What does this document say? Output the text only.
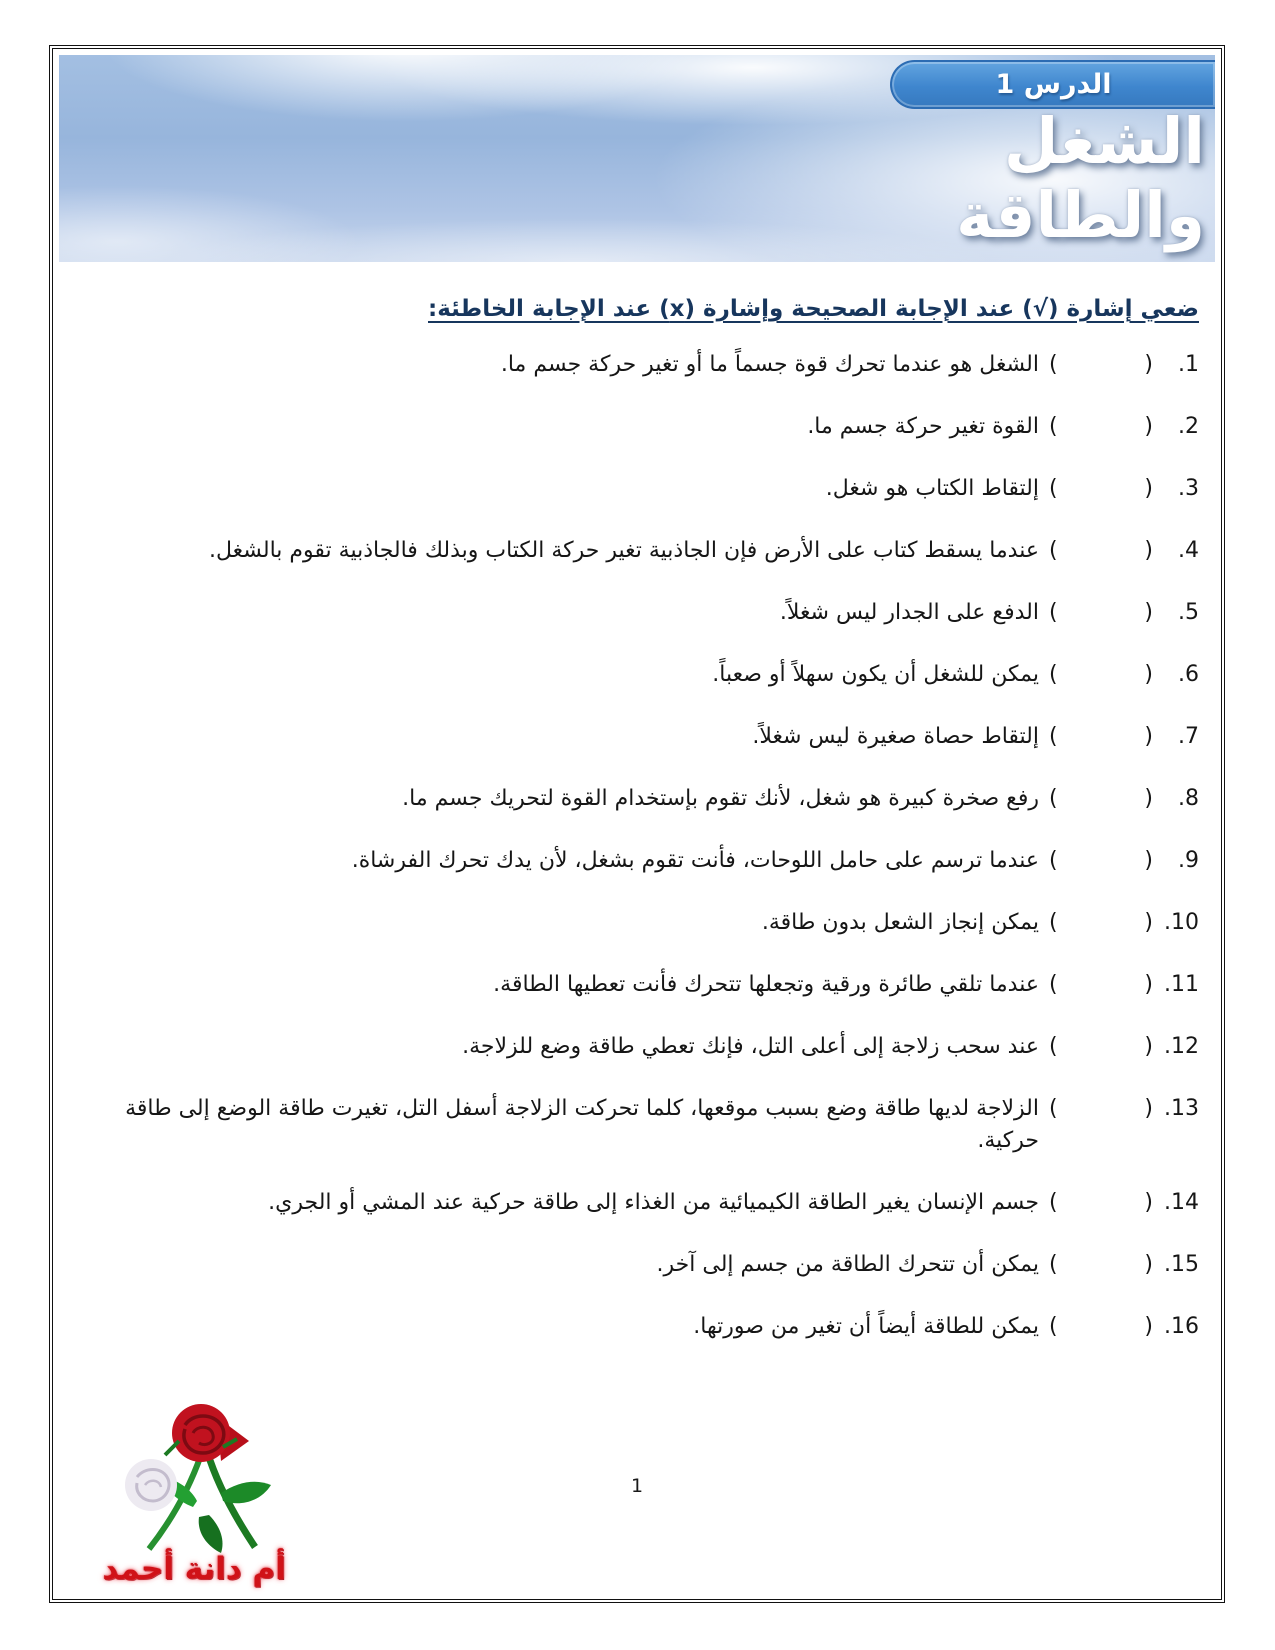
الدرس 1
الشغل
والطاقة
ضعي إشارة (√) عند الإجابة الصحيحة وإشارة (x) عند الإجابة الخاطئة:
1.
(	)
الشغل هو عندما تحرك قوة جسماً ما أو تغير حركة جسم ما.
2.
(	)
القوة تغير حركة جسم ما.
3.
(	)
إلتقاط الكتاب هو شغل.
4.
(	)
عندما يسقط كتاب على الأرض فإن الجاذبية تغير حركة الكتاب وبذلك فالجاذبية تقوم بالشغل.
5.
(	)
الدفع على الجدار ليس شغلاً.
6.
(	)
يمكن للشغل أن يكون سهلاً أو صعباً.
7.
(	)
إلتقاط حصاة صغيرة ليس شغلاً.
8.
(	)
رفع صخرة كبيرة هو شغل، لأنك تقوم بإستخدام القوة لتحريك جسم ما.
9.
(	)
عندما ترسم على حامل اللوحات، فأنت تقوم بشغل، لأن يدك تحرك الفرشاة.
10.
(	)
يمكن إنجاز الشعل بدون طاقة.
11.
(	)
عندما تلقي طائرة ورقية وتجعلها تتحرك فأنت تعطيها الطاقة.
12.
(	)
عند سحب زلاجة إلى أعلى التل، فإنك تعطي طاقة وضع للزلاجة.
13.
(	)
الزلاجة لديها طاقة وضع بسبب موقعها، كلما تحركت الزلاجة أسفل التل، تغيرت طاقة الوضع إلى طاقة حركية.
14.
(	)
جسم الإنسان يغير الطاقة الكيميائية من الغذاء إلى طاقة حركية عند المشي أو الجري.
15.
(	)
يمكن أن تتحرك الطاقة من جسم إلى آخر.
16.
(	)
يمكن للطاقة أيضاً أن تغير من صورتها.
1
أم دانة أحمد
